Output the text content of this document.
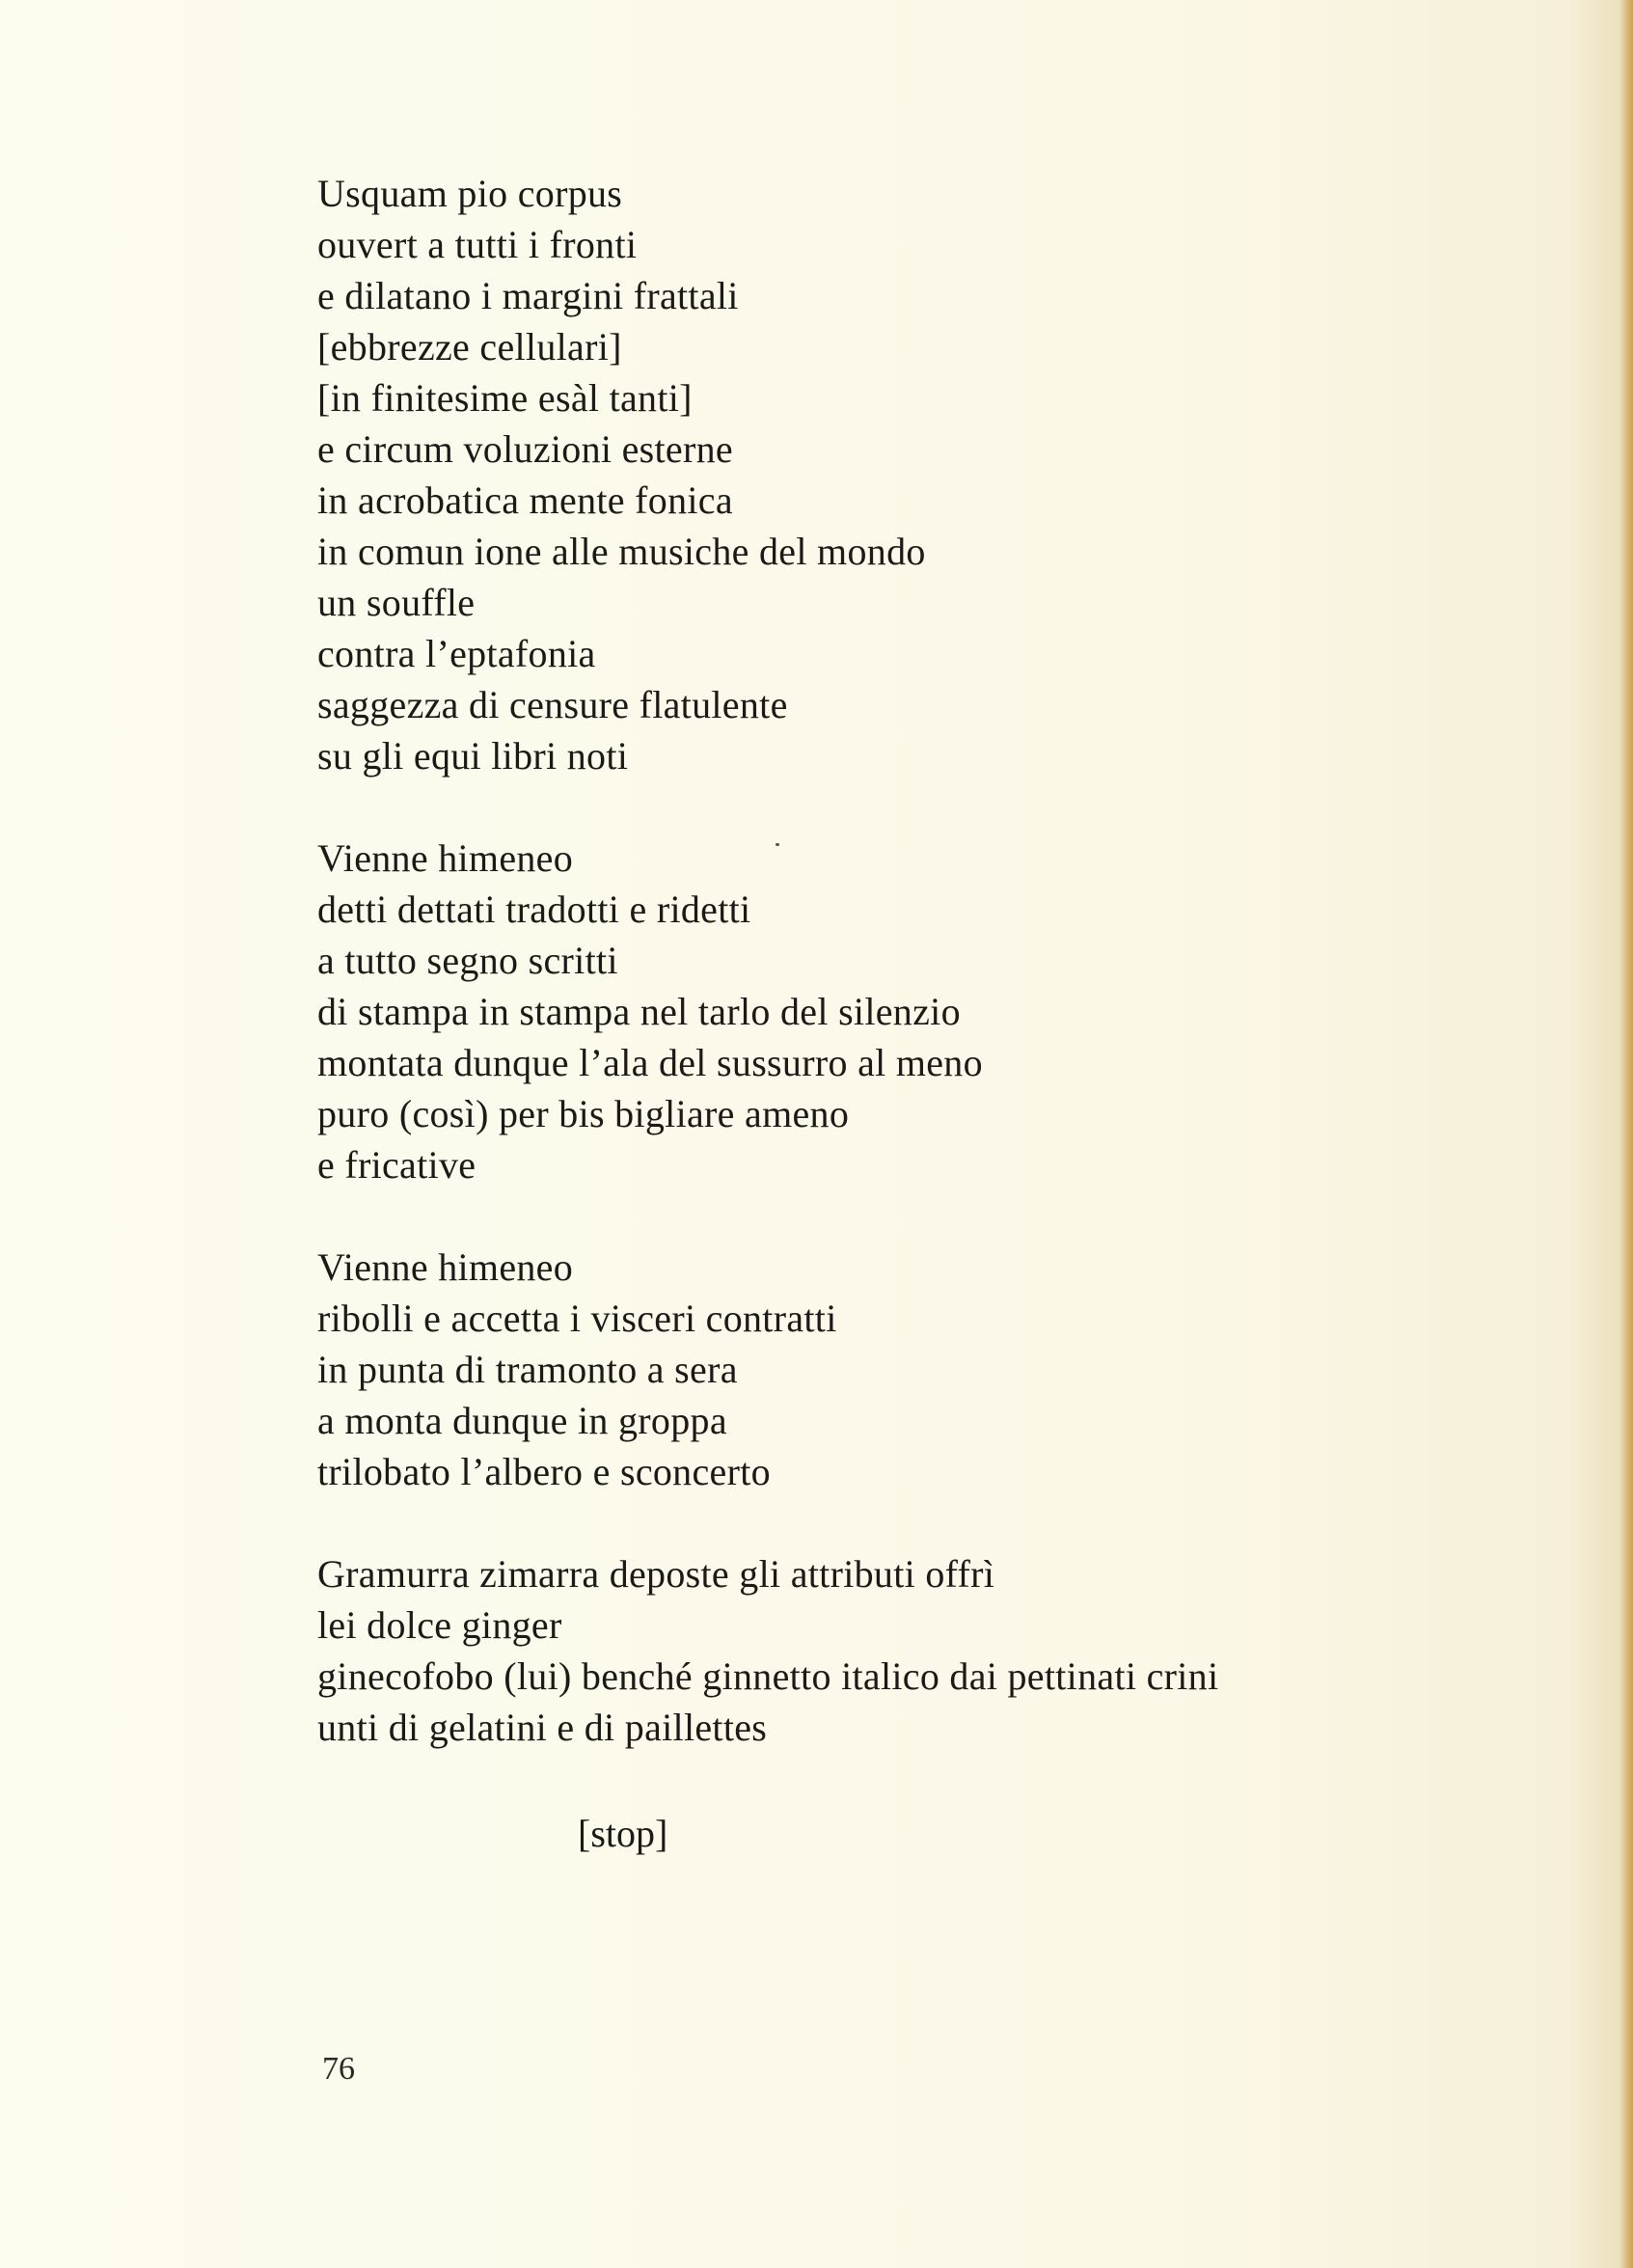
Usquam pio corpus
ouvert a tutti i fronti
e dilatano i margini frattali
[ebbrezze cellulari]
[in finitesime esàl tanti]
e circum voluzioni esterne
in acrobatica mente fonica
in comun ione alle musiche del mondo
un souffle
contra l’eptafonia
saggezza di censure flatulente
su gli equi libri noti
Vienne himeneo
detti dettati tradotti e ridetti
a tutto segno scritti
di stampa in stampa nel tarlo del silenzio
montata dunque l’ala del sussurro al meno
puro (così) per bis bigliare ameno
e fricative
Vienne himeneo
ribolli e accetta i visceri contratti
in punta di tramonto a sera
a monta dunque in groppa
trilobato l’albero e sconcerto
Gramurra zimarra deposte gli attributi offrì
lei dolce ginger
ginecofobo (lui) benché ginnetto italico dai pettinati crini
unti di gelatini e di paillettes
[stop]
76
